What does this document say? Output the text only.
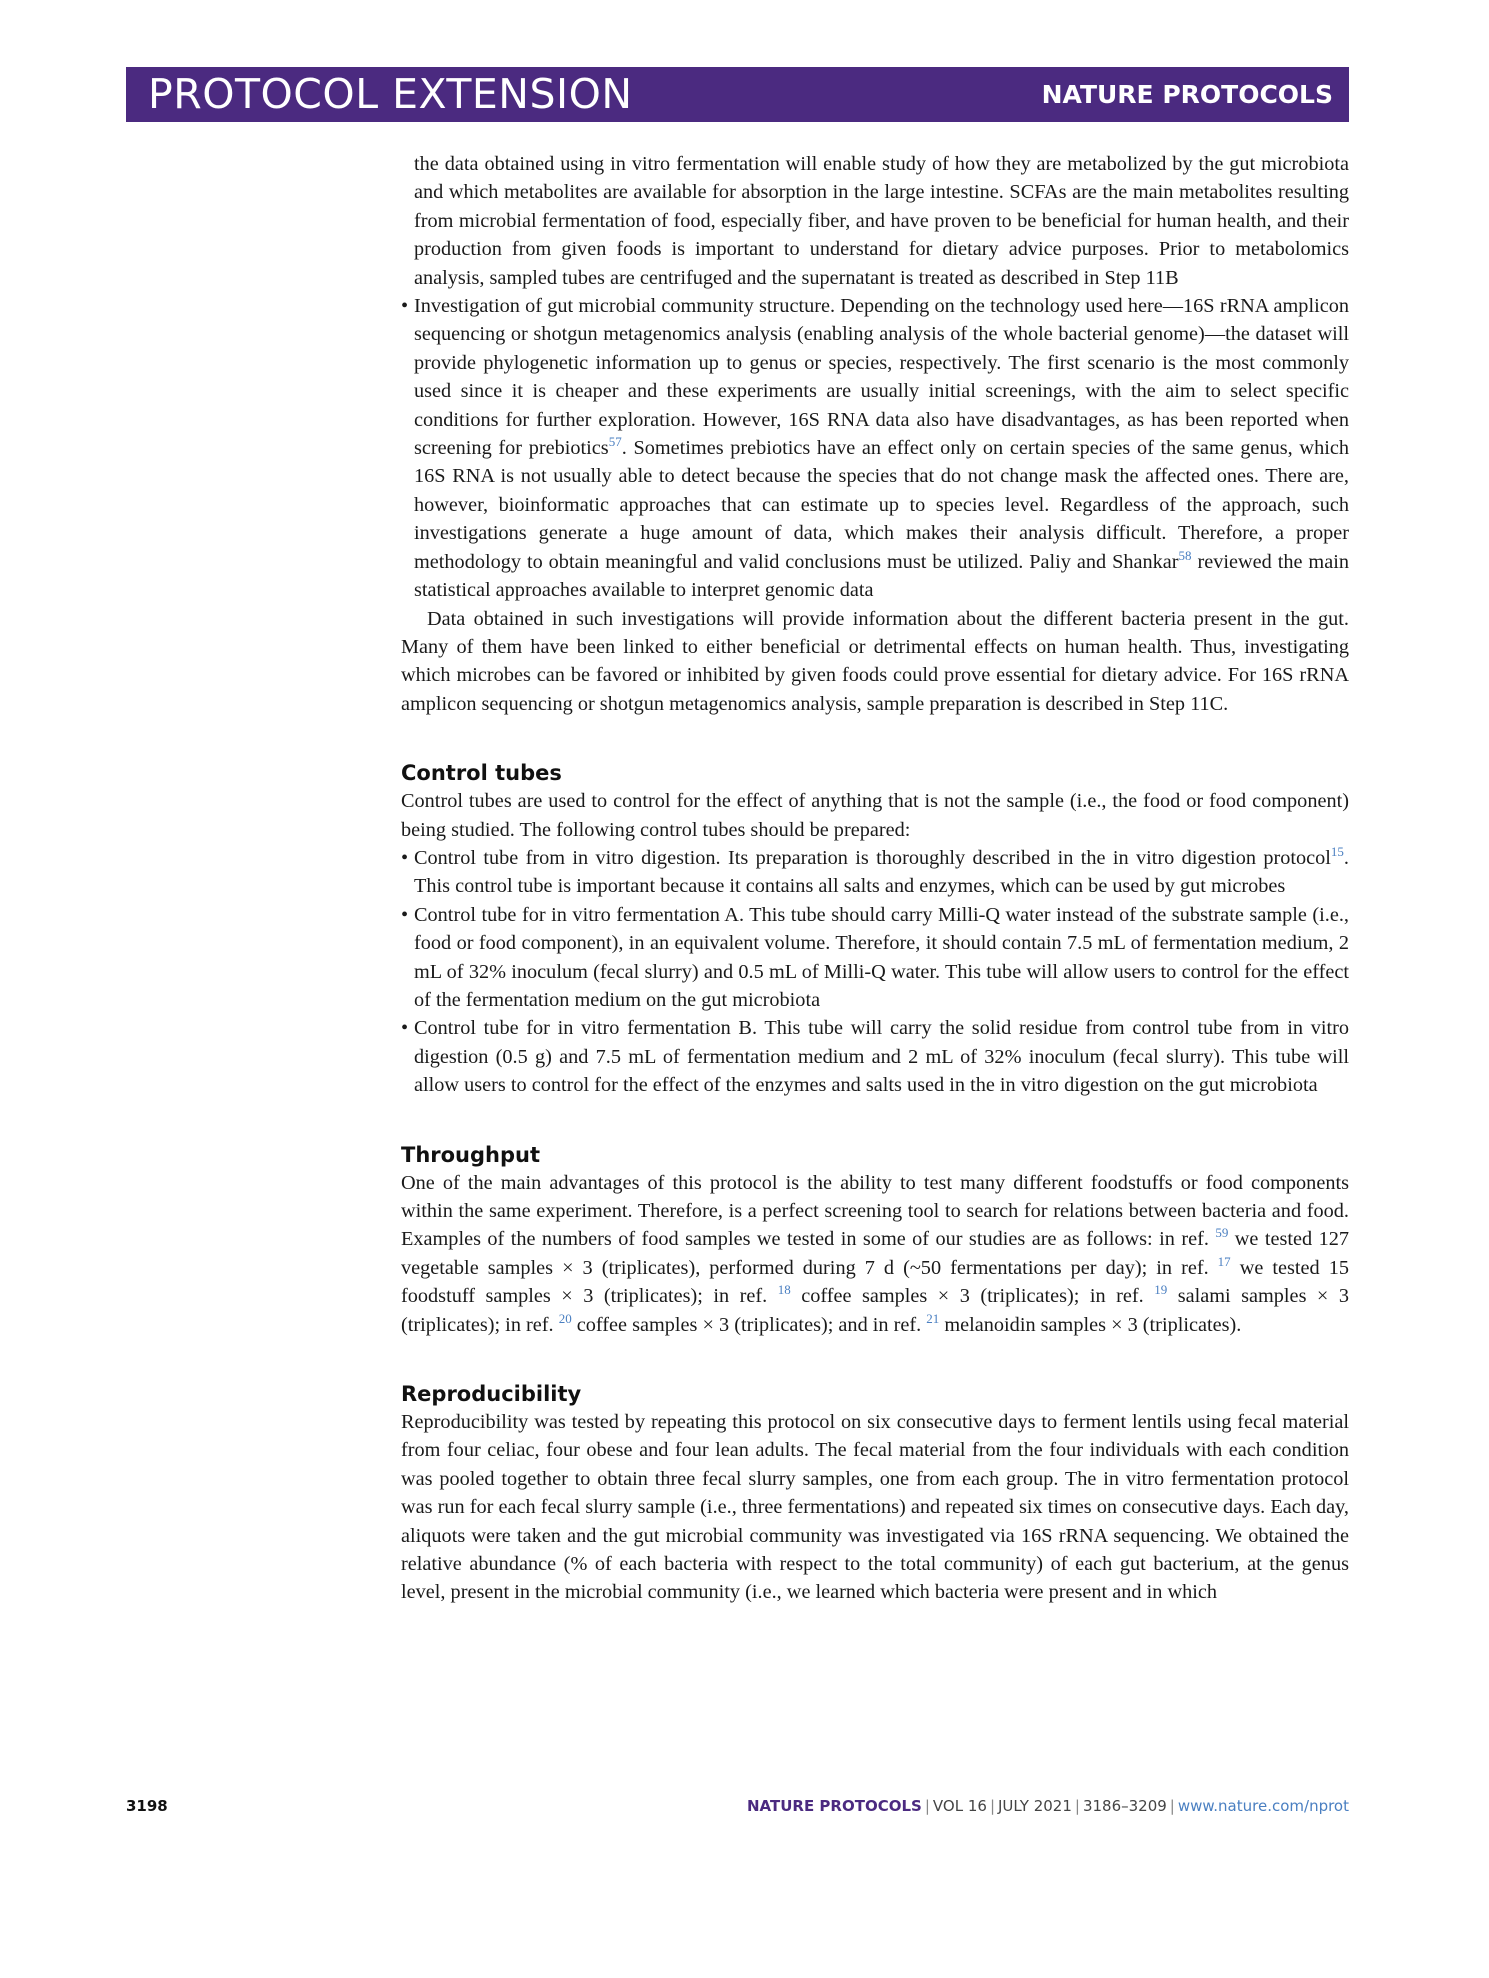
PROTOCOL EXTENSION	NATURE PROTOCOLS

the data obtained using in vitro fermentation will enable study of how they are metabolized by the gut microbiota and which metabolites are available for absorption in the large intestine. SCFAs are the main metabolites resulting from microbial fermentation of food, especially fiber, and have proven to be beneficial for human health, and their production from given foods is important to understand for dietary advice purposes. Prior to metabolomics analysis, sampled tubes are centrifuged and the supernatant is treated as described in Step 11B

• Investigation of gut microbial community structure. Depending on the technology used here—16S rRNA amplicon sequencing or shotgun metagenomics analysis (enabling analysis of the whole bacterial genome)—the dataset will provide phylogenetic information up to genus or species, respectively. The first scenario is the most commonly used since it is cheaper and these experiments are usually initial screenings, with the aim to select specific conditions for further exploration. However, 16S RNA data also have disadvantages, as has been reported when screening for prebiotics$^{57}$. Sometimes prebiotics have an effect only on certain species of the same genus, which 16S RNA is not usually able to detect because the species that do not change mask the affected ones. There are, however, bioinformatic approaches that can estimate up to species level. Regardless of the approach, such investigations generate a huge amount of data, which makes their analysis difficult. Therefore, a proper methodology to obtain meaningful and valid conclusions must be utilized. Paliy and Shankar$^{58}$ reviewed the main statistical approaches available to interpret genomic data

Data obtained in such investigations will provide information about the different bacteria present in the gut. Many of them have been linked to either beneficial or detrimental effects on human health. Thus, investigating which microbes can be favored or inhibited by given foods could prove essential for dietary advice. For 16S rRNA amplicon sequencing or shotgun metagenomics analysis, sample preparation is described in Step 11C.

Control tubes

Control tubes are used to control for the effect of anything that is not the sample (i.e., the food or food component) being studied. The following control tubes should be prepared:

• Control tube from in vitro digestion. Its preparation is thoroughly described in the in vitro digestion protocol$^{15}$. This control tube is important because it contains all salts and enzymes, which can be used by gut microbes

• Control tube for in vitro fermentation A. This tube should carry Milli-Q water instead of the substrate sample (i.e., food or food component), in an equivalent volume. Therefore, it should contain 7.5 mL of fermentation medium, 2 mL of 32% inoculum (fecal slurry) and 0.5 mL of Milli-Q water. This tube will allow users to control for the effect of the fermentation medium on the gut microbiota

• Control tube for in vitro fermentation B. This tube will carry the solid residue from control tube from in vitro digestion (0.5 g) and 7.5 mL of fermentation medium and 2 mL of 32% inoculum (fecal slurry). This tube will allow users to control for the effect of the enzymes and salts used in the in vitro digestion on the gut microbiota

Throughput

One of the main advantages of this protocol is the ability to test many different foodstuffs or food components within the same experiment. Therefore, is a perfect screening tool to search for relations between bacteria and food. Examples of the numbers of food samples we tested in some of our studies are as follows: in ref. $^{59}$ we tested 127 vegetable samples × 3 (triplicates), performed during 7 d (~50 fermentations per day); in ref. $^{17}$ we tested 15 foodstuff samples × 3 (triplicates); in ref. $^{18}$ coffee samples × 3 (triplicates); in ref. $^{19}$ salami samples × 3 (triplicates); in ref. $^{20}$ coffee samples × 3 (triplicates); and in ref. $^{21}$ melanoidin samples × 3 (triplicates).

Reproducibility

Reproducibility was tested by repeating this protocol on six consecutive days to ferment lentils using fecal material from four celiac, four obese and four lean adults. The fecal material from the four individuals with each condition was pooled together to obtain three fecal slurry samples, one from each group. The in vitro fermentation protocol was run for each fecal slurry sample (i.e., three fermentations) and repeated six times on consecutive days. Each day, aliquots were taken and the gut microbial community was investigated via 16S rRNA sequencing. We obtained the relative abundance (% of each bacteria with respect to the total community) of each gut bacterium, at the genus level, present in the microbial community (i.e., we learned which bacteria were present and in which

3198	NATURE PROTOCOLS | VOL 16 | JULY 2021 | 3186–3209 | www.nature.com/nprot
